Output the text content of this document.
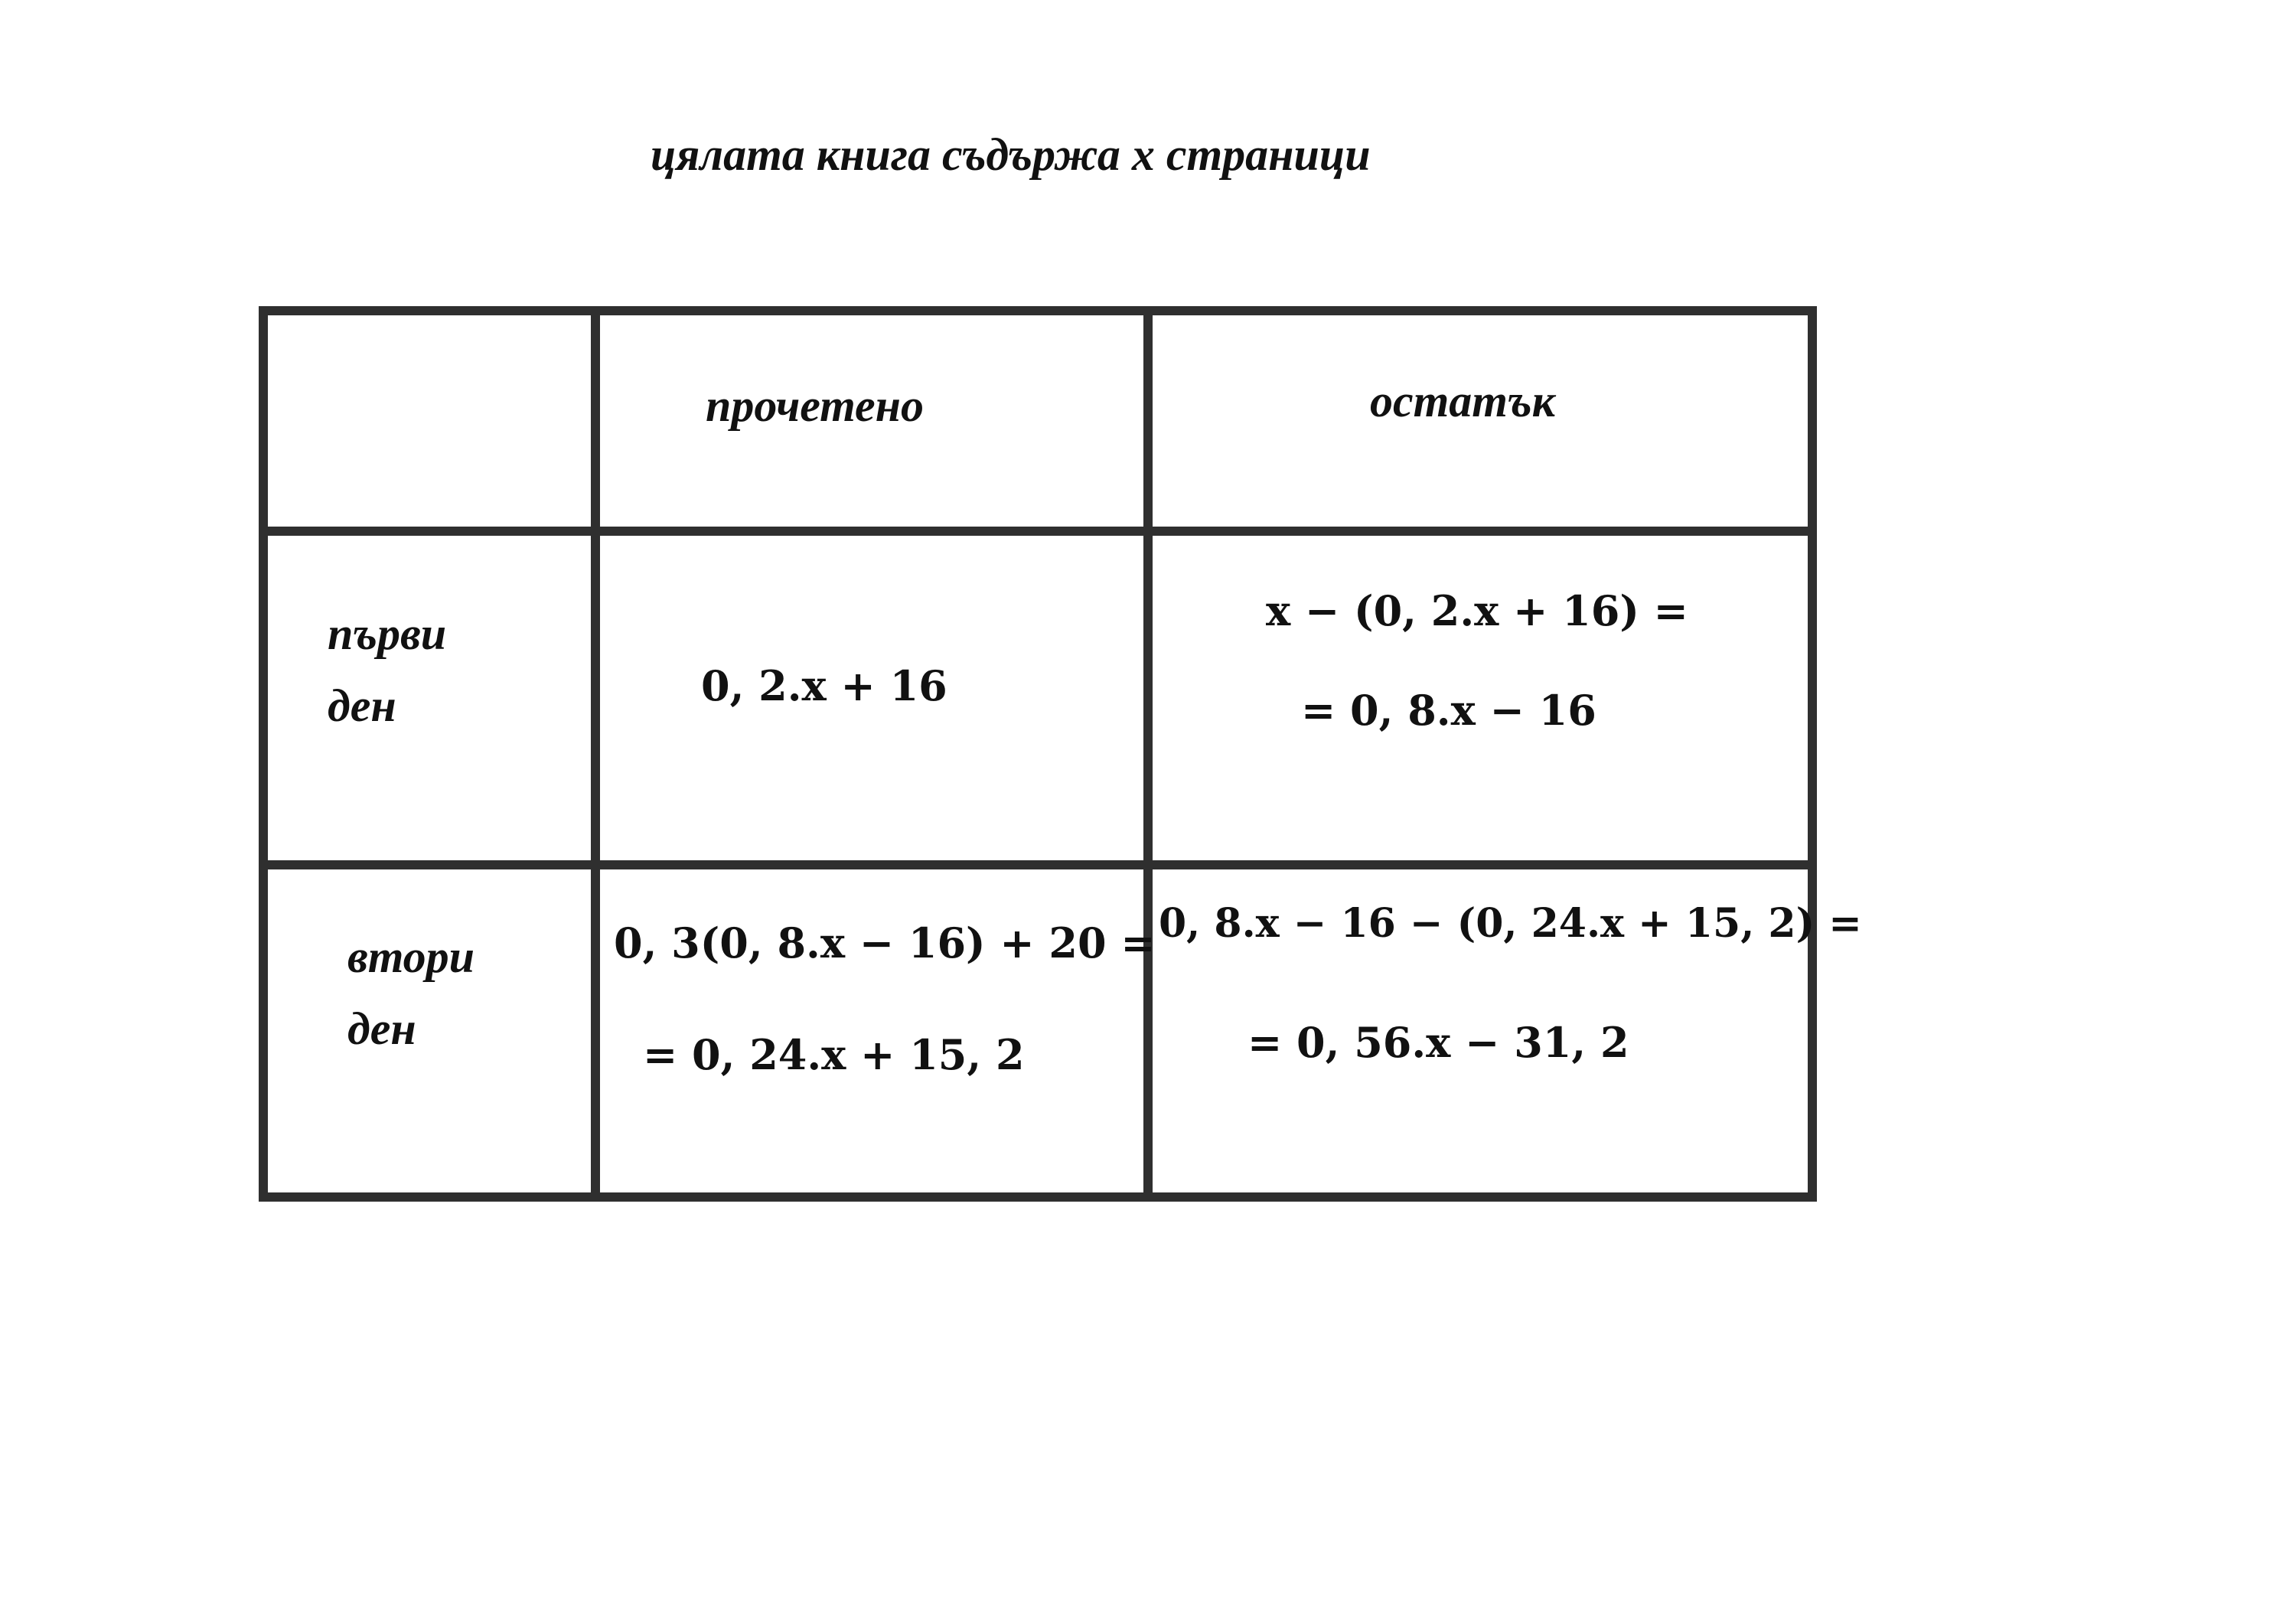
цялата книга съдържа x страници
прочетено	остатък
първи
ден	0, 2.x + 16
x − (0, 2.x + 16) =
= 0, 8.x − 16
втори
ден
0, 3(0, 8.x − 16) + 20 =
= 0, 24.x + 15, 2
0, 8.x − 16 − (0, 24.x + 15, 2) =
= 0, 56.x − 31, 2
